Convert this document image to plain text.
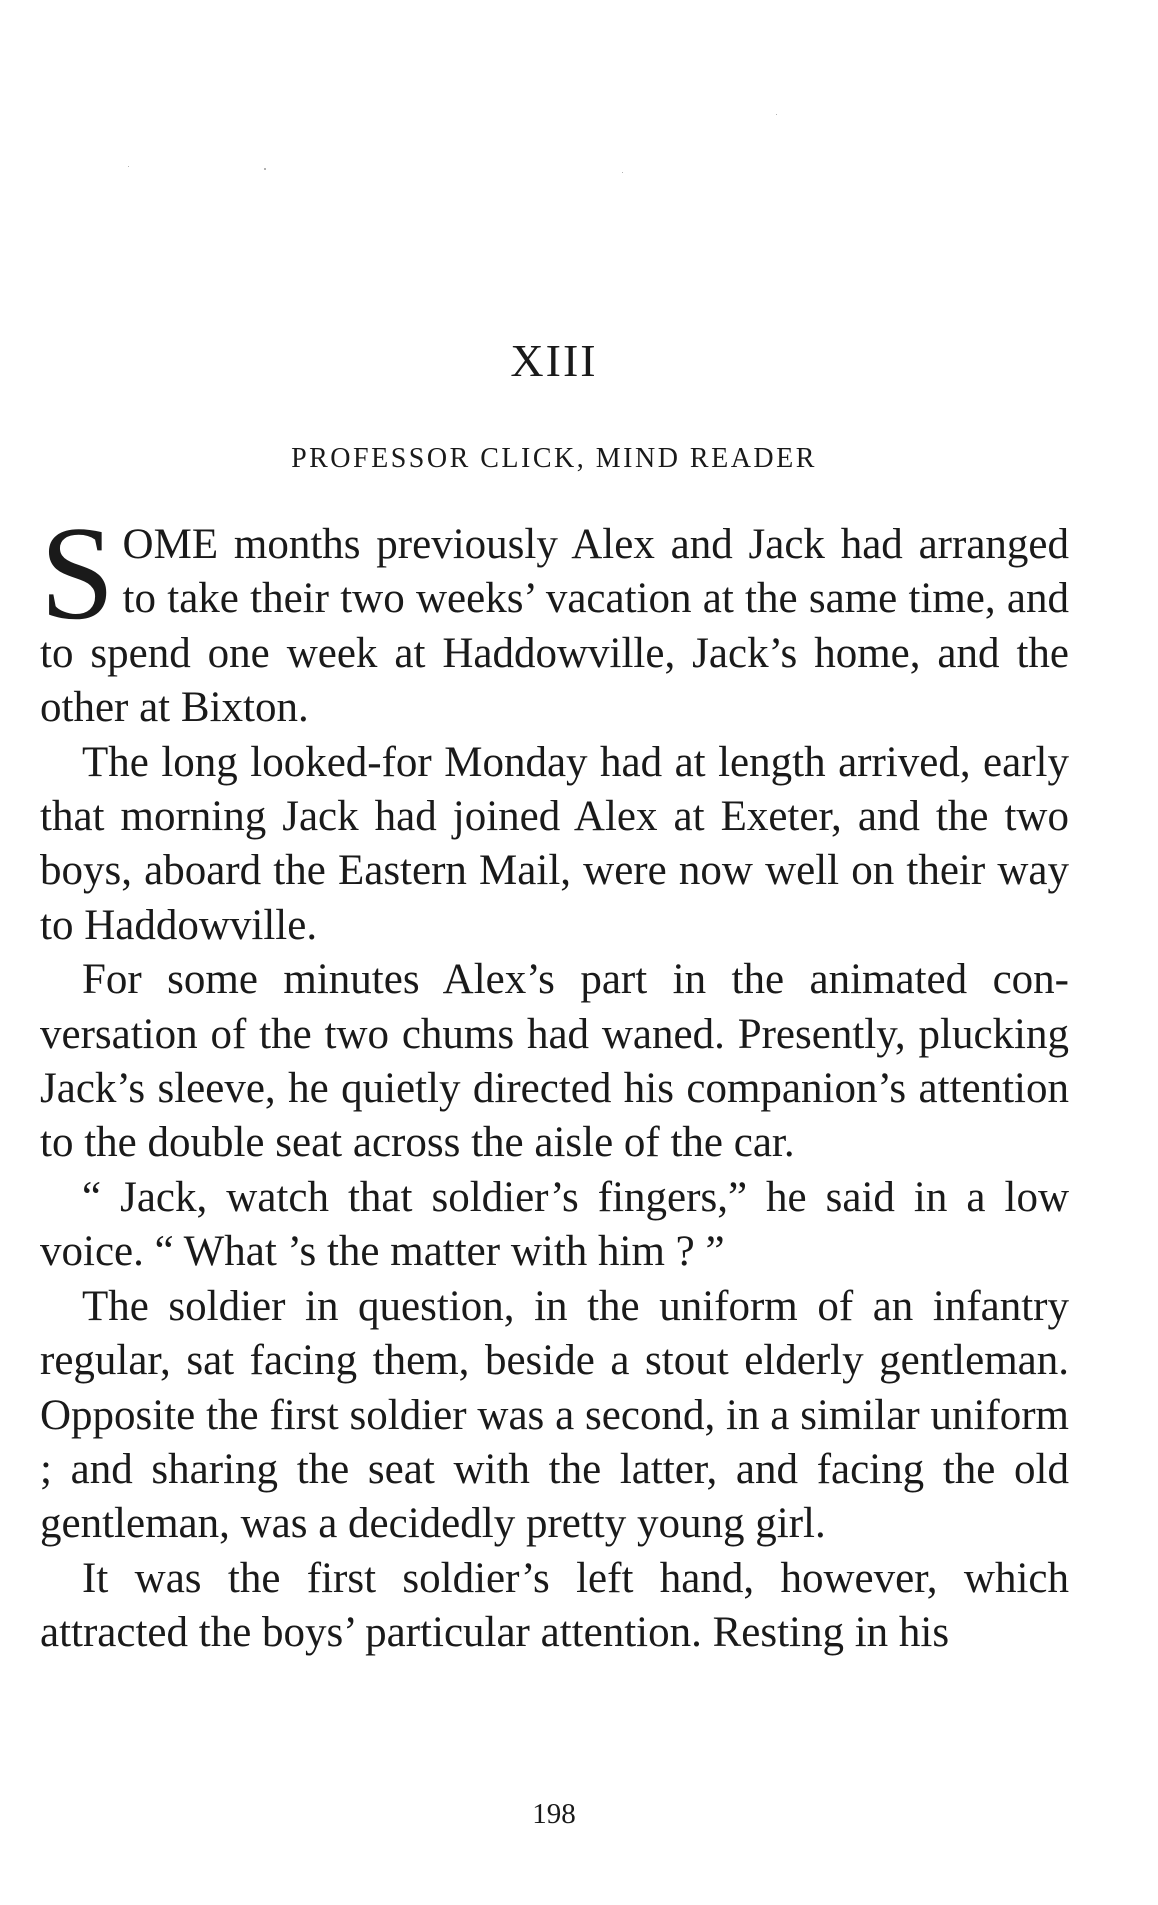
XIII
PROFESSOR CLICK, MIND READER

SOME months previously Alex and Jack had arranged to take their two weeks’ vacation at the same time, and to spend one week at Haddowville, Jack’s home, and the other at Bixton.

The long looked-for Monday had at length arrived, early that morning Jack had joined Alex at Exeter, and the two boys, aboard the Eastern Mail, were now well on their way to Haddowville.

For some minutes Alex’s part in the animated conversation of the two chums had waned. Presently, plucking Jack’s sleeve, he quietly directed his companion’s attention to the double seat across the aisle of the car.

“ Jack, watch that soldier’s fingers,” he said in a low voice. “ What ’s the matter with him ? ”

The soldier in question, in the uniform of an infantry regular, sat facing them, beside a stout elderly gentleman. Opposite the first soldier was a second, in a similar uniform ; and sharing the seat with the latter, and facing the old gentleman, was a decidedly pretty young girl.

It was the first soldier’s left hand, however, which attracted the boys’ particular attention. Resting in his

198
